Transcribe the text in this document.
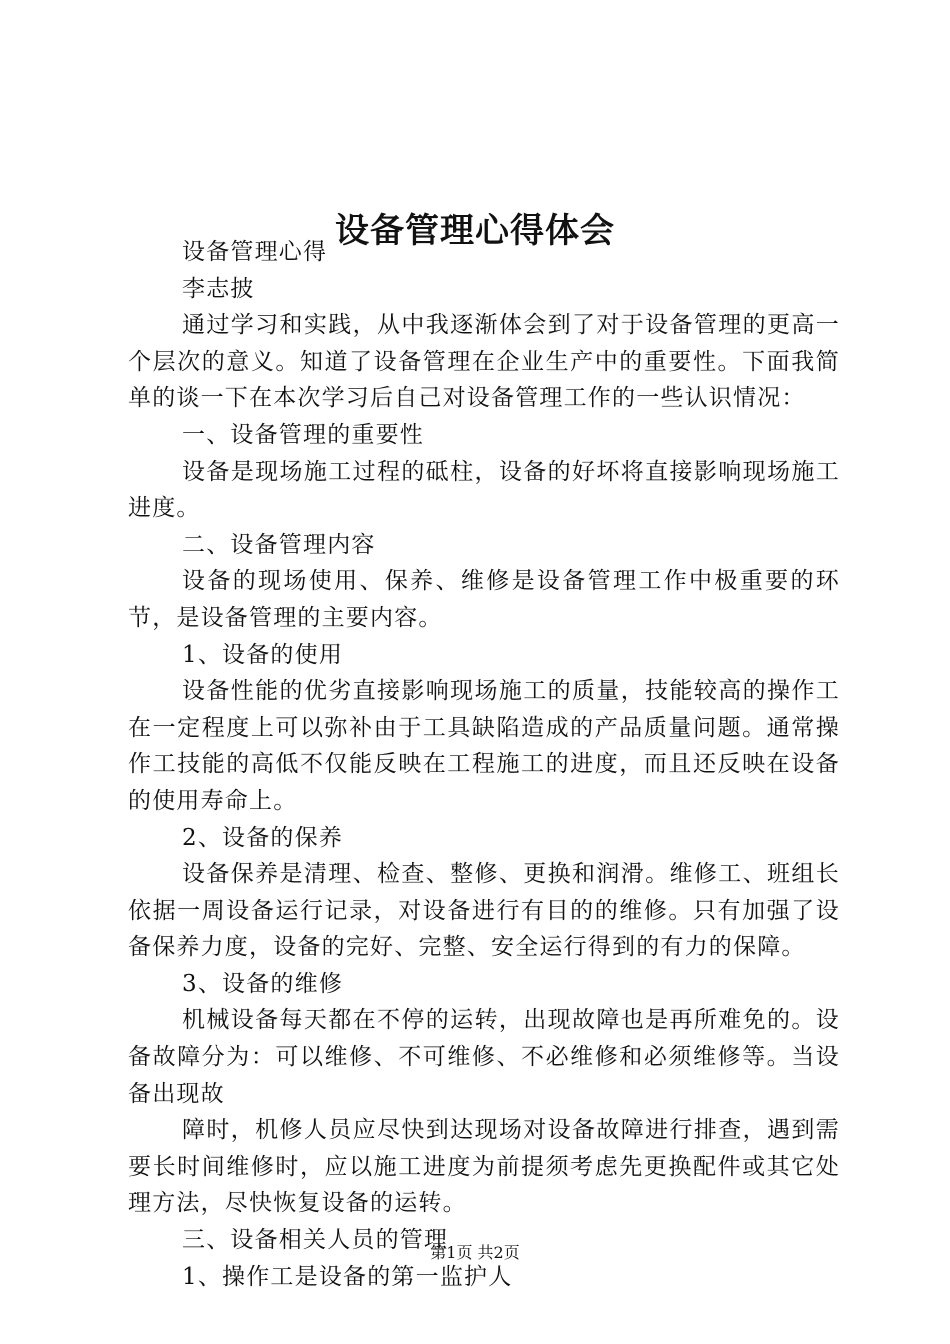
设备管理心得体会

设备管理心得

李志披

通过学习和实践，从中我逐渐体会到了对于设备管理的更高一个层次的意义。知道了设备管理在企业生产中的重要性。下面我简单的谈一下在本次学习后自己对设备管理工作的一些认识情况：

一、设备管理的重要性

设备是现场施工过程的砥柱，设备的好坏将直接影响现场施工进度。

二、设备管理内容

设备的现场使用、保养、维修是设备管理工作中极重要的环节，是设备管理的主要内容。

1、设备的使用

设备性能的优劣直接影响现场施工的质量，技能较高的操作工在一定程度上可以弥补由于工具缺陷造成的产品质量问题。通常操作工技能的高低不仅能反映在工程施工的进度，而且还反映在设备的使用寿命上。

2、设备的保养

设备保养是清理、检查、整修、更换和润滑。维修工、班组长依据一周设备运行记录，对设备进行有目的的维修。只有加强了设备保养力度，设备的完好、完整、安全运行得到的有力的保障。

3、设备的维修

机械设备每天都在不停的运转，出现故障也是再所难免的。设备故障分为：可以维修、不可维修、不必维修和必须维修等。当设备出现故

障时，机修人员应尽快到达现场对设备故障进行排查，遇到需要长时间维修时，应以施工进度为前提须考虑先更换配件或其它处理方法，尽快恢复设备的运转。

三、设备相关人员的管理

1、操作工是设备的第一监护人

第1页 共2页
